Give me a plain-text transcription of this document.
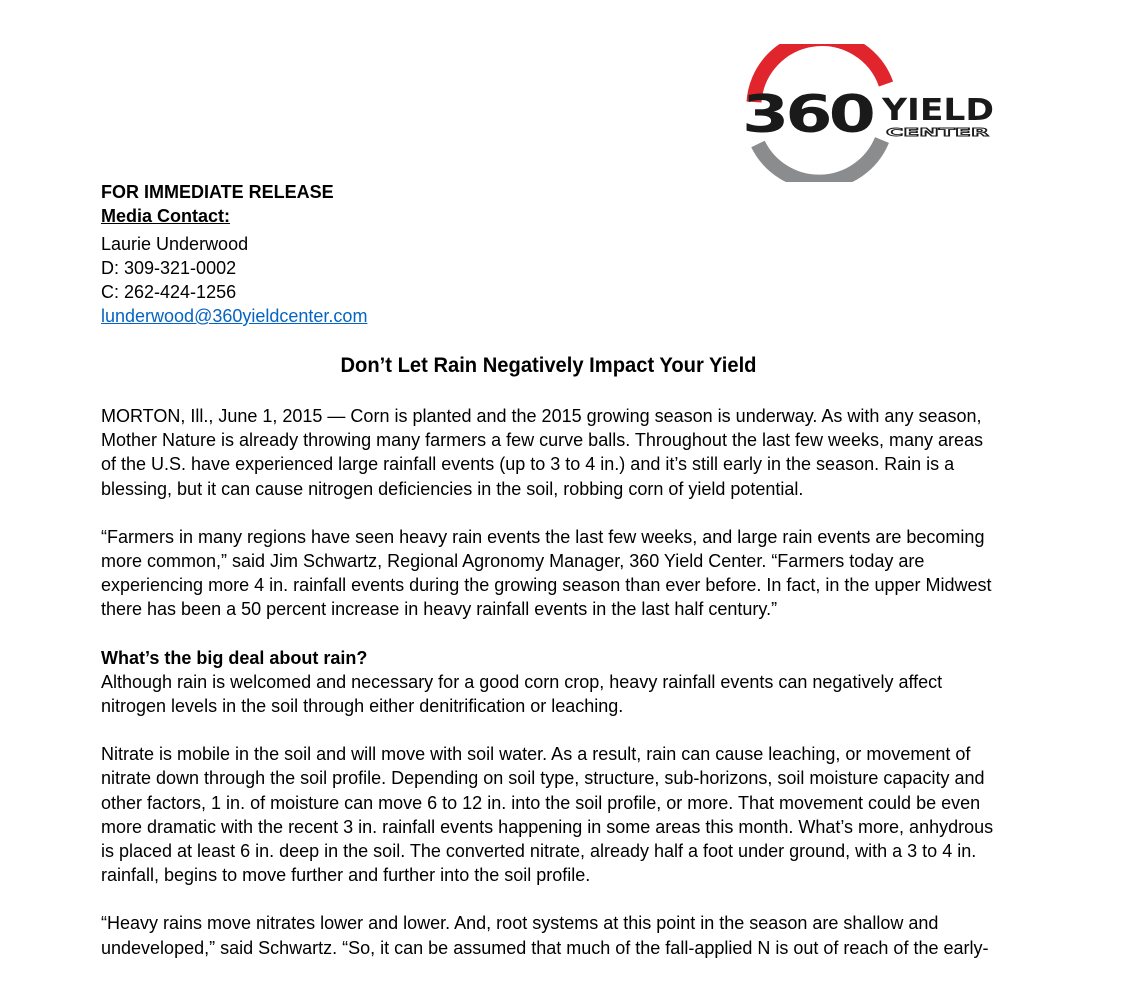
360 YIELD
CENTER
FOR IMMEDIATE RELEASE
Media Contact:
Laurie Underwood
D: 309-321-0002
C: 262-424-1256
lunderwood@360yieldcenter.com
Don’t Let Rain Negatively Impact Your Yield

MORTON, Ill., June 1, 2015 — Corn is planted and the 2015 growing season is underway. As with any season, Mother Nature is already throwing many farmers a few curve balls. Throughout the last few weeks, many areas of the U.S. have experienced large rainfall events (up to 3 to 4 in.) and it’s still early in the season. Rain is a blessing, but it can cause nitrogen deficiencies in the soil, robbing corn of yield potential.

“Farmers in many regions have seen heavy rain events the last few weeks, and large rain events are becoming more common,” said Jim Schwartz, Regional Agronomy Manager, 360 Yield Center. “Farmers today are experiencing more 4 in. rainfall events during the growing season than ever before. In fact, in the upper Midwest there has been a 50 percent increase in heavy rainfall events in the last half century.”

What’s the big deal about rain?

Although rain is welcomed and necessary for a good corn crop, heavy rainfall events can negatively affect nitrogen levels in the soil through either denitrification or leaching.

Nitrate is mobile in the soil and will move with soil water. As a result, rain can cause leaching, or movement of nitrate down through the soil profile. Depending on soil type, structure, sub-horizons, soil moisture capacity and other factors, 1 in. of moisture can move 6 to 12 in. into the soil profile, or more. That movement could be even more dramatic with the recent 3 in. rainfall events happening in some areas this month. What’s more, anhydrous is placed at least 6 in. deep in the soil. The converted nitrate, already half a foot under ground, with a 3 to 4 in. rainfall, begins to move further and further into the soil profile.

“Heavy rains move nitrates lower and lower. And, root systems at this point in the season are shallow and undeveloped,” said Schwartz. “So, it can be assumed that much of the fall-applied N is out of reach of the early-
